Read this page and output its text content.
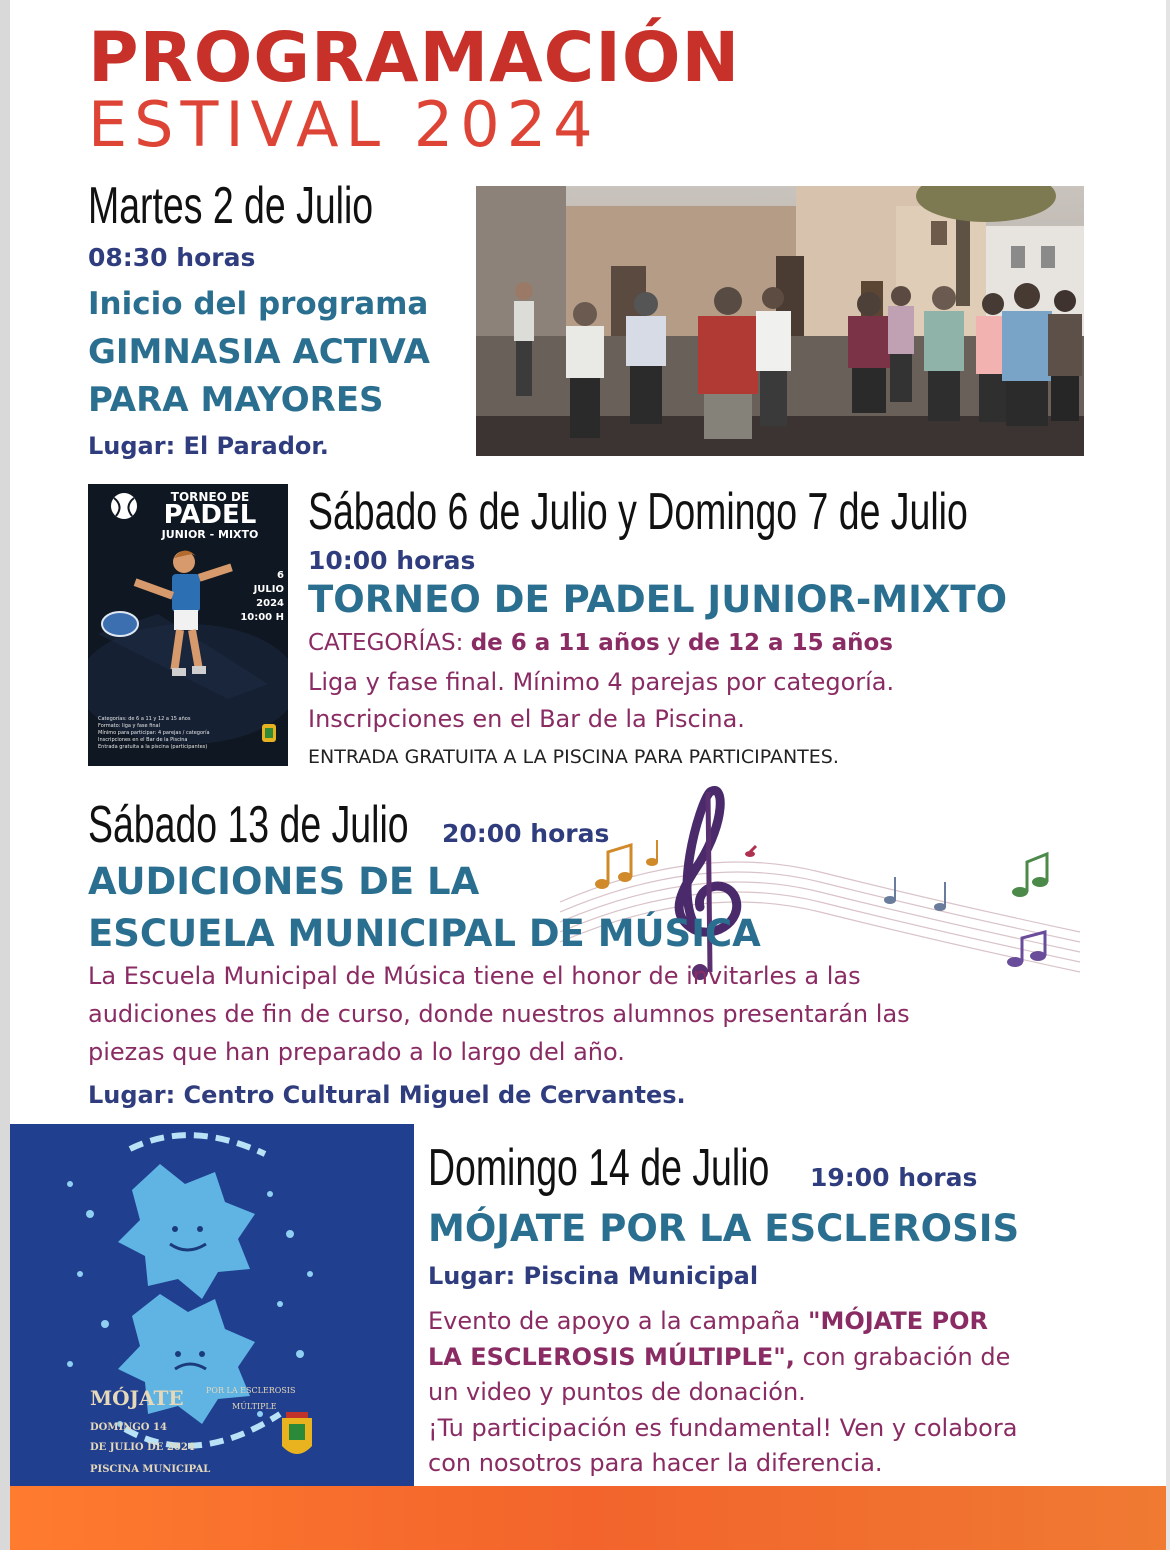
PROGRAMACIÓN
ESTIVAL 2024
Martes 2 de Julio
08:30 horas
Inicio del programa
GIMNASIA ACTIVA
PARA MAYORES
Lugar: El Parador.
TORNEO DE
PADEL
JUNIOR - MIXTO
6
JULIO
2024
10:00 H
Categorías: de 6 a 11 y 12 a 15 años
Formato: liga y fase final
Mínimo para participar: 4 parejas / categoría
Inscripciones en el Bar de la Piscina
Entrada gratuita a la piscina (participantes)
Sábado 6 de Julio y Domingo 7 de Julio
10:00 horas
TORNEO DE PADEL JUNIOR-MIXTO
CATEGORÍAS: de 6 a 11 años y de 12 a 15 años
Liga y fase final. Mínimo 4 parejas por categoría.
Inscripciones en el Bar de la Piscina.
ENTRADA GRATUITA A LA PISCINA PARA PARTICIPANTES.
Sábado 13 de Julio 20:00 horas
AUDICIONES DE LA
ESCUELA MUNICIPAL DE MÚSICA
La Escuela Municipal de Música tiene el honor de invitarles a las
audiciones de fin de curso, donde nuestros alumnos presentarán las
piezas que han preparado a lo largo del año.
Lugar: Centro Cultural Miguel de Cervantes.
MÓJATE	POR LA ESCLEROSIS
MÚLTIPLE
DOMINGO 14
DE JULIO DE 2024
PISCINA MUNICIPAL
Domingo 14 de Julio 19:00 horas
MÓJATE POR LA ESCLEROSIS
Lugar: Piscina Municipal
Evento de apoyo a la campaña "MÓJATE POR
LA ESCLEROSIS MÚLTIPLE", con grabación de
un video y puntos de donación.
¡Tu participación es fundamental! Ven y colabora
con nosotros para hacer la diferencia.
